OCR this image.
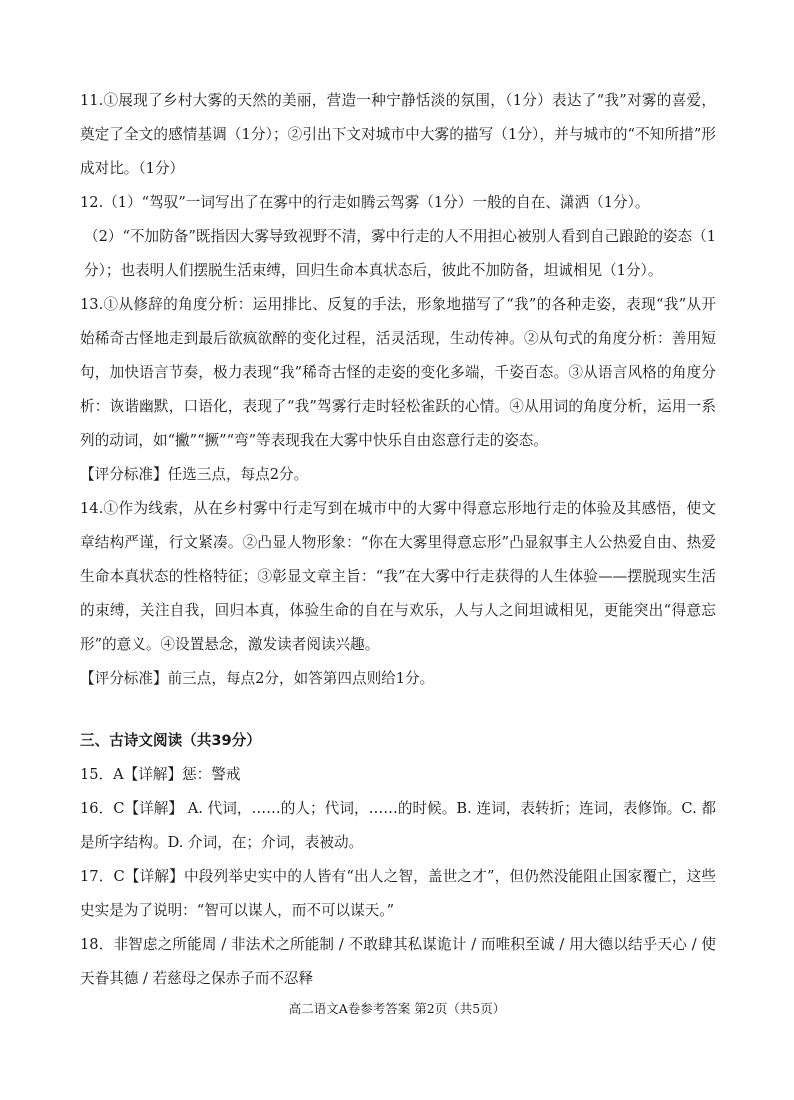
11.①展现了乡村大雾的天然的美丽，营造一种宁静恬淡的氛围，（1分）表达了“我”对雾的喜爱，奠定了全文的感情基调（1分）；②引出下文对城市中大雾的描写（1分），并与城市的“不知所措”形成对比。（1分）

12.（1）“驾驭”一词写出了在雾中的行走如腾云驾雾（1分）一般的自在、潇洒（1分）。

（2）“不加防备”既指因大雾导致视野不清，雾中行走的人不用担心被别人看到自己踉跄的姿态（1分）；也表明人们摆脱生活束缚，回归生命本真状态后，彼此不加防备，坦诚相见（1分）。

13.①从修辞的角度分析：运用排比、反复的手法，形象地描写了“我”的各种走姿，表现“我”从开始稀奇古怪地走到最后欲疯欲醉的变化过程，活灵活现，生动传神。②从句式的角度分析：善用短句，加快语言节奏，极力表现“我”稀奇古怪的走姿的变化多端，千姿百态。③从语言风格的角度分析：诙谐幽默，口语化，表现了“我”驾雾行走时轻松雀跃的心情。④从用词的角度分析，运用一系列的动词，如“撇”“撅”“弯”等表现我在大雾中快乐自由恣意行走的姿态。

【评分标准】任选三点，每点2分。

14.①作为线索，从在乡村雾中行走写到在城市中的大雾中得意忘形地行走的体验及其感悟，使文章结构严谨，行文紧凑。②凸显人物形象：“你在大雾里得意忘形”凸显叙事主人公热爱自由、热爱生命本真状态的性格特征；③彰显文章主旨：“我”在大雾中行走获得的人生体验——摆脱现实生活的束缚，关注自我，回归本真，体验生命的自在与欢乐，人与人之间坦诚相见，更能突出“得意忘形”的意义。④设置悬念，激发读者阅读兴趣。

【评分标准】前三点，每点2分，如答第四点则给1分。

三、古诗文阅读（共39分）

15．A【详解】惩：警戒

16．C【详解】 A. 代词，……的人；代词，……的时候。B. 连词，表转折；连词，表修饰。C. 都是所字结构。D. 介词，在；介词，表被动。

17．C【详解】中段列举史实中的人皆有“出人之智，盖世之才”，但仍然没能阻止国家覆亡，这些史实是为了说明：“智可以谋人，而不可以谋天。”

18．非智虑之所能周 / 非法术之所能制 / 不敢肆其私谋诡计 / 而唯积至诚 / 用大德以结乎天心 / 使天眷其德 / 若慈母之保赤子而不忍释

高二语文A卷参考答案 第2页（共5页）
